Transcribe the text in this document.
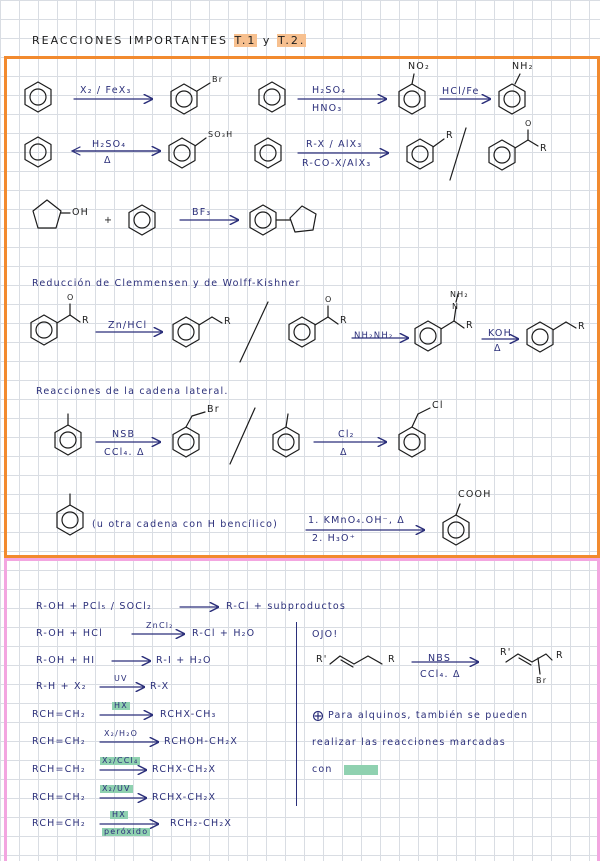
REACCIONES IMPORTANTES T.1 y T.2.
X₂ / FeX₃
Br
H₂SO₄
HNO₃
NO₂
HCl/Fe
NH₂
H₂SO₄
Δ
SO₃H
R-X / AlX₃
R-CO-X/AlX₃
R
R
O
OH
+
BF₃
Reducción de Clemmensen y de Wolff-Kishner
R
O
Zn/HCl	R	R
O
NH₂NH₂
NH₂
N
R
KOH
Δ
R
Reacciones de la cadena lateral.
NSB
CCl₄. Δ
Br
Cl₂
Δ
Cl
(u otra cadena con H bencílico)	1. KMnO₄.OH⁻, Δ
2. H₃O⁺
COOH
R-OH + PCl₅ / SOCl₂	R-Cl + subproductos
R-OH + HCl
ZnCl₂
R-Cl + H₂O
R-OH + HI	R-I + H₂O
R-H + X₂
UV
R-X
RCH=CH₂
HX
RCHX-CH₃
RCH=CH₂
X₂/H₂O
RCHOH-CH₂X
RCH=CH₂
X₂/CCl₄
RCHX-CH₂X
RCH=CH₂
X₂/UV
RCHX-CH₂X
RCH=CH₂
HX
peróxido
RCH₂-CH₂X
OJO!
R'	R	NBS
CCl₄. Δ
R'	R
Br
Para alquinos, también se pueden
realizar las reacciones marcadas
con
